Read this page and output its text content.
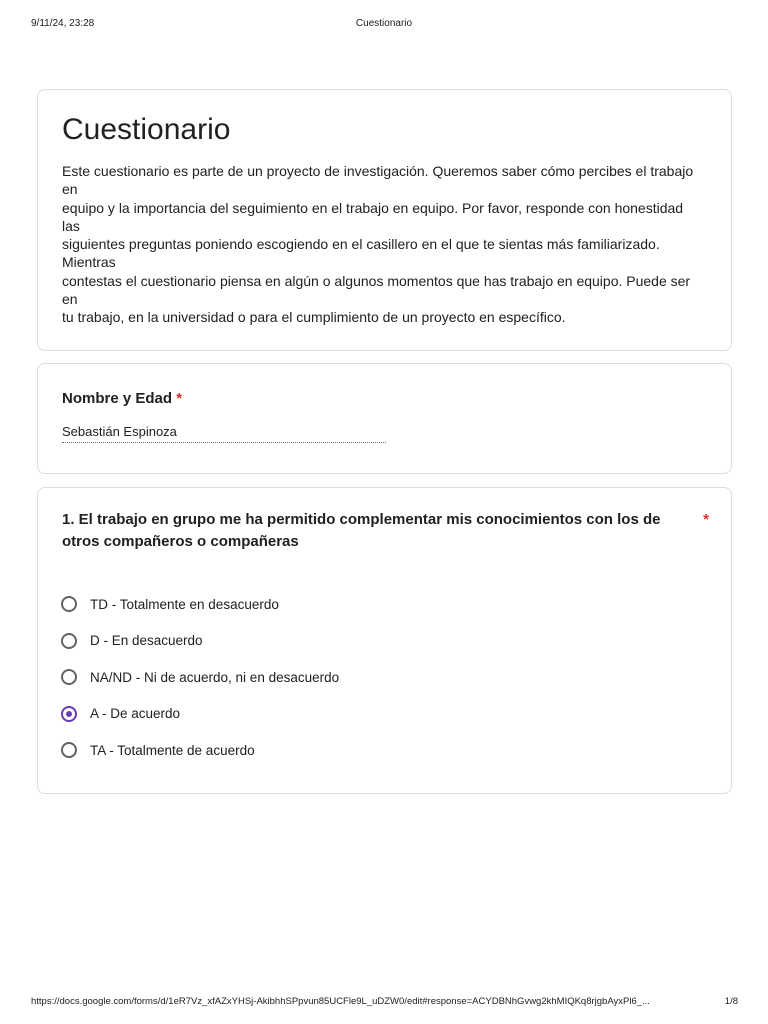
9/11/24, 23:28	Cuestionario
Cuestionario
Este cuestionario es parte de un proyecto de investigación. Queremos saber cómo percibes el trabajo
en
equipo y la importancia del seguimiento en el trabajo en equipo. Por favor, responde con honestidad
las
siguientes preguntas poniendo escogiendo en el casillero en el que te sientas más familiarizado.
Mientras
contestas el cuestionario piensa en algún o algunos momentos que has trabajo en equipo. Puede ser
en
tu trabajo, en la universidad o para el cumplimiento de un proyecto en específico.
Nombre y Edad *
Sebastián Espinoza
1. El trabajo en grupo me ha permitido complementar mis conocimientos con los de
otros compañeros o compañeras
*
TD - Totalmente en desacuerdo
D - En desacuerdo
NA/ND - Ni de acuerdo, ni en desacuerdo
A - De acuerdo
TA - Totalmente de acuerdo
https://docs.google.com/forms/d/1eR7Vz_xfAZxYHSj-AkibhhSPpvun85UCFle9L_uDZW0/edit#response=ACYDBNhGvwg2khMIQKq8rjgbAyxPl6_...	1/8
